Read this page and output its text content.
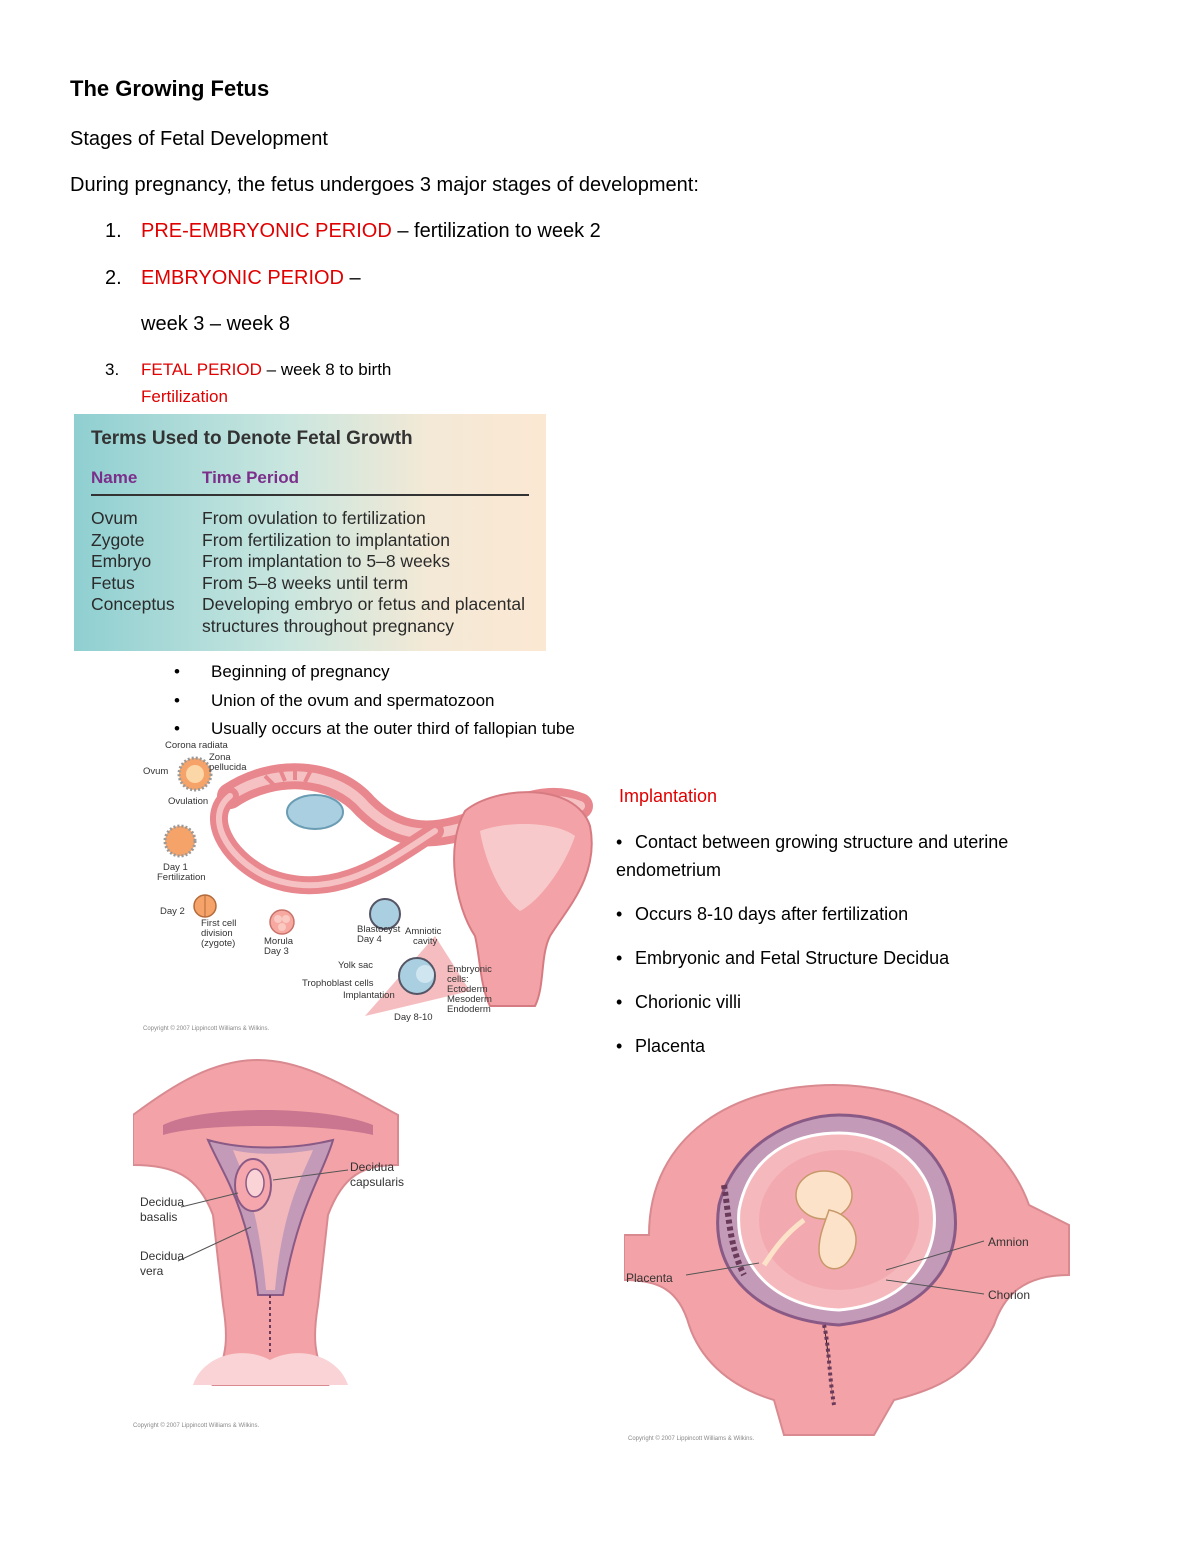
The Growing Fetus
Stages of Fetal Development
During pregnancy, the fetus undergoes 3 major stages of development:
1. PRE-EMBRYONIC PERIOD – fertilization to week 2
2. EMBRYONIC PERIOD –
week 3 – week 8
3. FETAL PERIOD – week 8 to birth
Fertilization
Terms Used to Denote Fetal Growth
Name	Time Period
Ovum	From ovulation to fertilization
Zygote	From fertilization to implantation
Embryo	From implantation to 5–8 weeks
Fetus	From 5–8 weeks until term
Conceptus	Developing embryo or fetus and placental
structures throughout pregnancy
• Beginning of pregnancy
• Union of the ovum and spermatozoon
• Usually occurs at the outer third of fallopian tube
Corona radiata
Zona
pellucida
Ovum
Ovulation
Day 1
Fertilization
Day 2
First cell
division
(zygote)	Morula
Day 3
Blastocyst
Day 4
Amniotic
cavity
Yolk sac	Embryonic
cells:
Ectoderm
Mesoderm
Endoderm
Trophoblast cells
Implantation
Day 8-10
Copyright © 2007 Lippincott Williams & Wilkins.
Implantation
• Contact between growing structure and uterine endometrium
• Occurs 8-10 days after fertilization
• Embryonic and Fetal Structure Decidua
• Chorionic villi
• Placenta
Decidua
capsularis
Decidua
basalis
Decidua
vera
Copyright © 2007 Lippincott Williams & Wilkins.
Amnion
Placenta
Chorion
Copyright © 2007 Lippincott Williams & Wilkins.
